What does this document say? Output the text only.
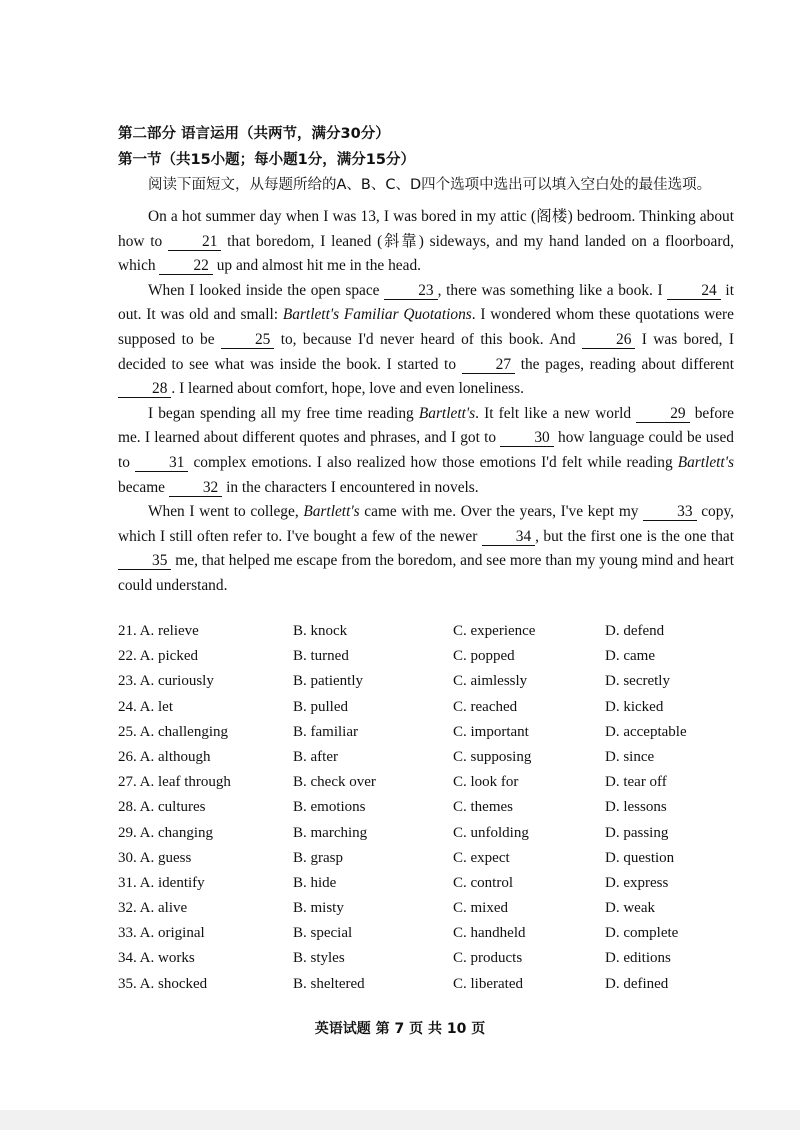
第二部分 语言运用（共两节，满分30分）
第一节（共15小题；每小题1分，满分15分）
阅读下面短文，从每题所给的A、B、C、D四个选项中选出可以填入空白处的最佳选项。

On a hot summer day when I was 13, I was bored in my attic (阁楼) bedroom. Thinking about how to 21 that boredom, I leaned (斜靠) sideways, and my hand landed on a floorboard, which 22 up and almost hit me in the head.

When I looked inside the open space 23 , there was something like a book. I 24 it out. It was old and small: Bartlett's Familiar Quotations. I wondered whom these quotations were supposed to be 25 to, because I'd never heard of this book. And 26 I was bored, I decided to see what was inside the book. I started to 27 the pages, reading about different 28 . I learned about comfort, hope, love and even loneliness.

I began spending all my free time reading Bartlett's. It felt like a new world 29 before me. I learned about different quotes and phrases, and I got to 30 how language could be used to 31 complex emotions. I also realized how those emotions I'd felt while reading Bartlett's became 32 in the characters I encountered in novels.

When I went to college, Bartlett's came with me. Over the years, I've kept my 33 copy, which I still often refer to. I've bought a few of the newer 34 , but the first one is the one that 35 me, that helped me escape from the boredom, and see more than my young mind and heart could understand.

21. A. relieve	B. knock	C. experience	D. defend
22. A. picked	B. turned	C. popped	D. came
23. A. curiously	B. patiently	C. aimlessly	D. secretly
24. A. let	B. pulled	C. reached	D. kicked
25. A. challenging	B. familiar	C. important	D. acceptable
26. A. although	B. after	C. supposing	D. since
27. A. leaf through	B. check over	C. look for	D. tear off
28. A. cultures	B. emotions	C. themes	D. lessons
29. A. changing	B. marching	C. unfolding	D. passing
30. A. guess	B. grasp	C. expect	D. question
31. A. identify	B. hide	C. control	D. express
32. A. alive	B. misty	C. mixed	D. weak
33. A. original	B. special	C. handheld	D. complete
34. A. works	B. styles	C. products	D. editions
35. A. shocked	B. sheltered	C. liberated	D. defined
英语试题 第 7 页 共 10 页
